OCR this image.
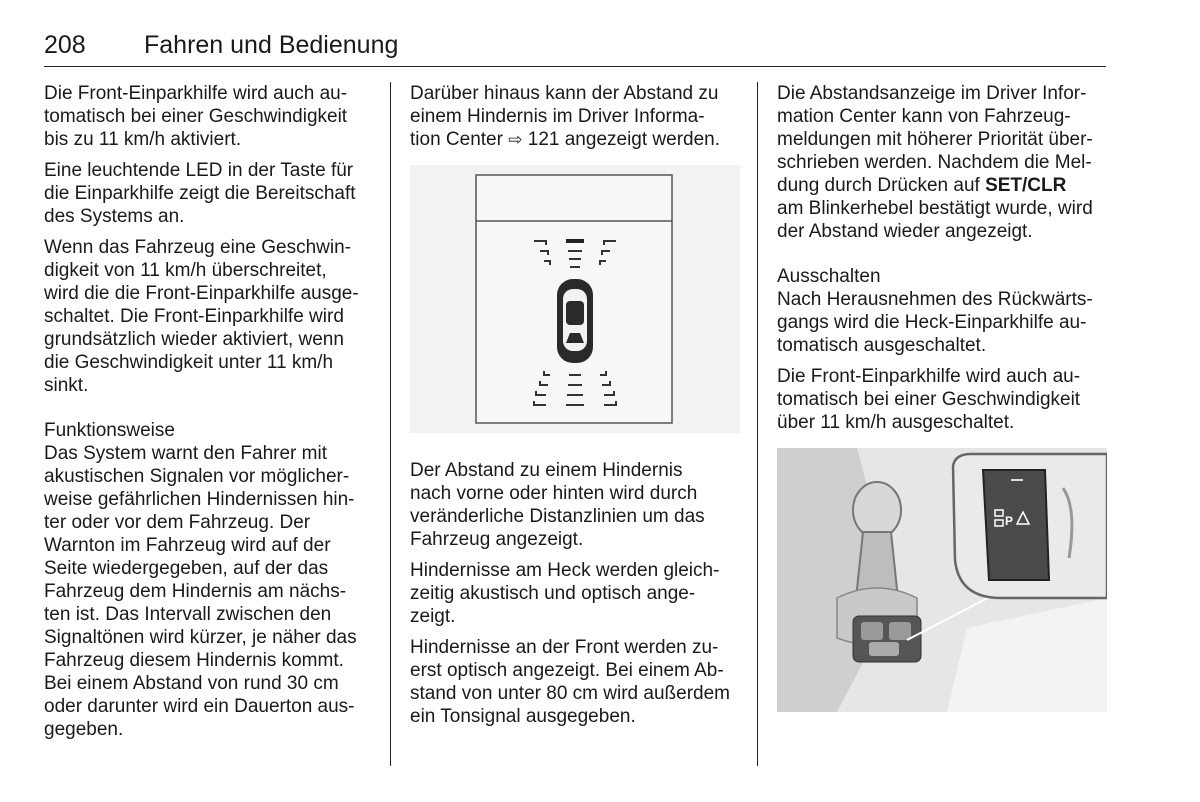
208 Fahren und Bedienung

Die Front-Einparkhilfe wird auch au-
tomatisch bei einer Geschwindigkeit
bis zu 11 km/h aktiviert.

Eine leuchtende LED in der Taste für
die Einparkhilfe zeigt die Bereitschaft
des Systems an.

Wenn das Fahrzeug eine Geschwin-
digkeit von 11 km/h überschreitet,
wird die die Front-Einparkhilfe ausge-
schaltet. Die Front-Einparkhilfe wird
grundsätzlich wieder aktiviert, wenn
die Geschwindigkeit unter 11 km/h
sinkt.

Funktionsweise

Das System warnt den Fahrer mit
akustischen Signalen vor möglicher-
weise gefährlichen Hindernissen hin-
ter oder vor dem Fahrzeug. Der
Warnton im Fahrzeug wird auf der
Seite wiedergegeben, auf der das
Fahrzeug dem Hindernis am nächs-
ten ist. Das Intervall zwischen den
Signaltönen wird kürzer, je näher das
Fahrzeug diesem Hindernis kommt.
Bei einem Abstand von rund 30 cm
oder darunter wird ein Dauerton aus-
gegeben.

Darüber hinaus kann der Abstand zu
einem Hindernis im Driver Informa-
tion Center ⇨ 121 angezeigt werden.

Der Abstand zu einem Hindernis
nach vorne oder hinten wird durch
veränderliche Distanzlinien um das
Fahrzeug angezeigt.

Hindernisse am Heck werden gleich-
zeitig akustisch und optisch ange-
zeigt.

Hindernisse an der Front werden zu-
erst optisch angezeigt. Bei einem Ab-
stand von unter 80 cm wird außerdem
ein Tonsignal ausgegeben.

Die Abstandsanzeige im Driver Infor-
mation Center kann von Fahrzeug-
meldungen mit höherer Priorität über-
schrieben werden. Nachdem die Mel-
dung durch Drücken auf SET/CLR
am Blinkerhebel bestätigt wurde, wird
der Abstand wieder angezeigt.

Ausschalten

Nach Herausnehmen des Rückwärts-
gangs wird die Heck-Einparkhilfe au-
tomatisch ausgeschaltet.

Die Front-Einparkhilfe wird auch au-
tomatisch bei einer Geschwindigkeit
über 11 km/h ausgeschaltet.

P
